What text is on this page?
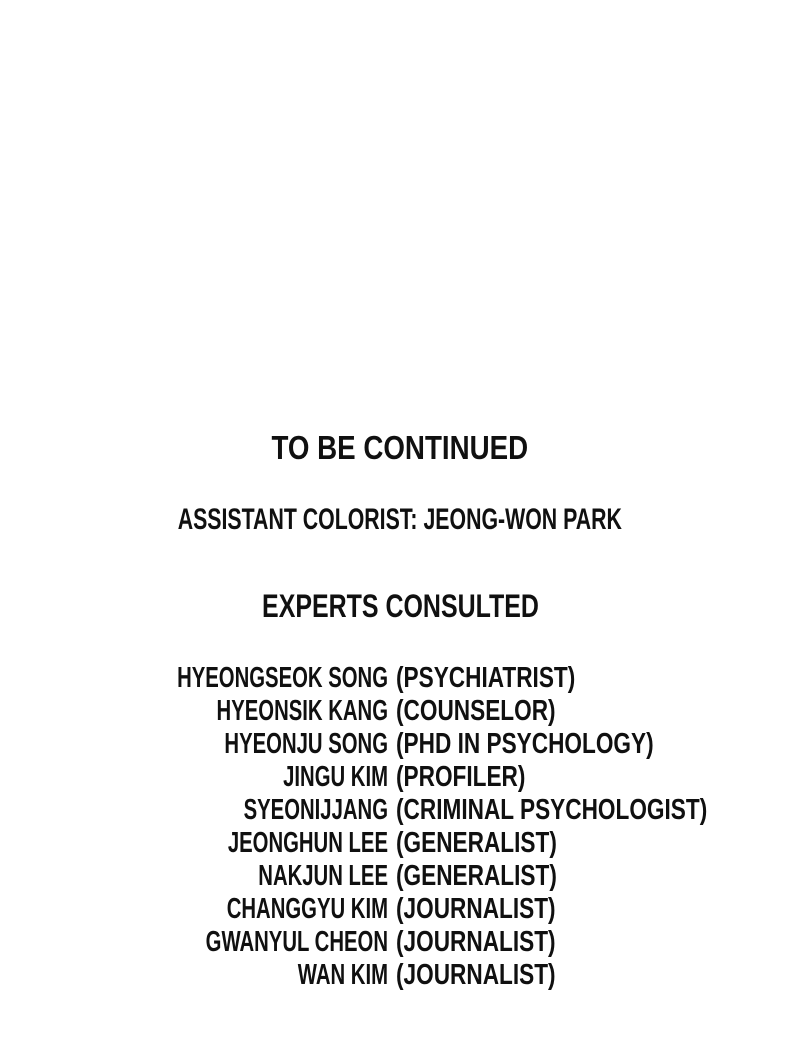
TO BE CONTINUED
ASSISTANT COLORIST: JEONG-WON PARK
EXPERTS CONSULTED
HYEONGSEOK SONG (PSYCHIATRIST)
HYEONSIK KANG (COUNSELOR)
HYEONJU SONG (PHD IN PSYCHOLOGY)
JINGU KIM (PROFILER)
SYEONIJJANG (CRIMINAL PSYCHOLOGIST)
JEONGHUN LEE (GENERALIST)
NAKJUN LEE (GENERALIST)
CHANGGYU KIM (JOURNALIST)
GWANYUL CHEON (JOURNALIST)
WAN KIM (JOURNALIST)
